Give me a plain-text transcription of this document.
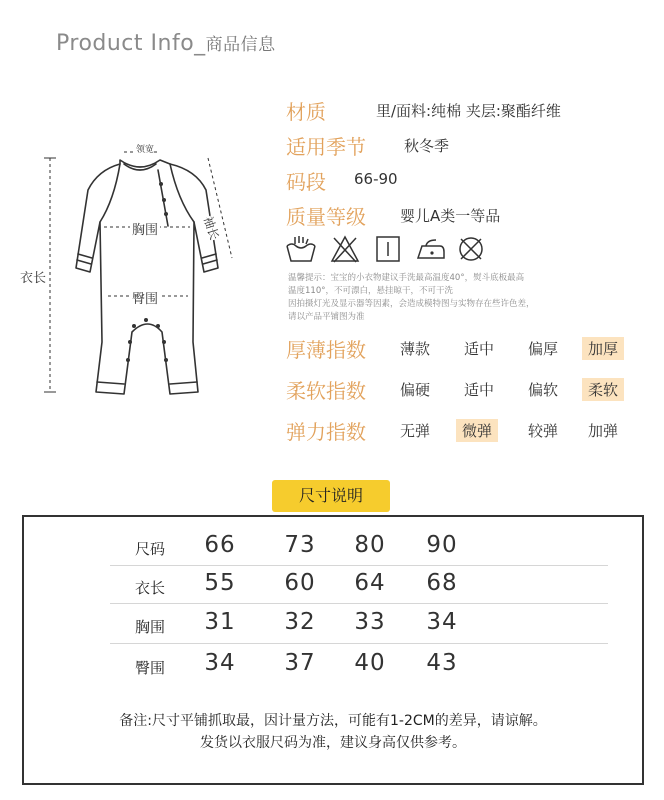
Product Info_商品信息
领宽
胸围
臀围
袖长
衣长
材质	里/面料:纯棉 夹层:聚酯纤维
适用季节	秋冬季
码段 66-90
质量等级 婴儿A类一等品
温馨提示：宝宝的小衣物建议手洗最高温度40°，熨斗底板最高
温度110°，不可漂白，悬挂晾干，不可干洗
因拍摄灯光及显示器等因素，会造成模特图与实物存在些许色差，
请以产品平铺图为准
厚薄指数	薄款	适中	偏厚	加厚
柔软指数	偏硬	适中	偏软	柔软
弹力指数	无弹	微弹	较弹	加弹
尺寸说明
尺码	66	73	80	90
衣长	55	60	64	68
胸围	31	32	33	34
臀围	34	37	40	43
备注:尺寸平铺抓取最，因计量方法，可能有1-2CM的差异，请谅解。
发货以衣服尺码为准，建议身高仅供参考。
